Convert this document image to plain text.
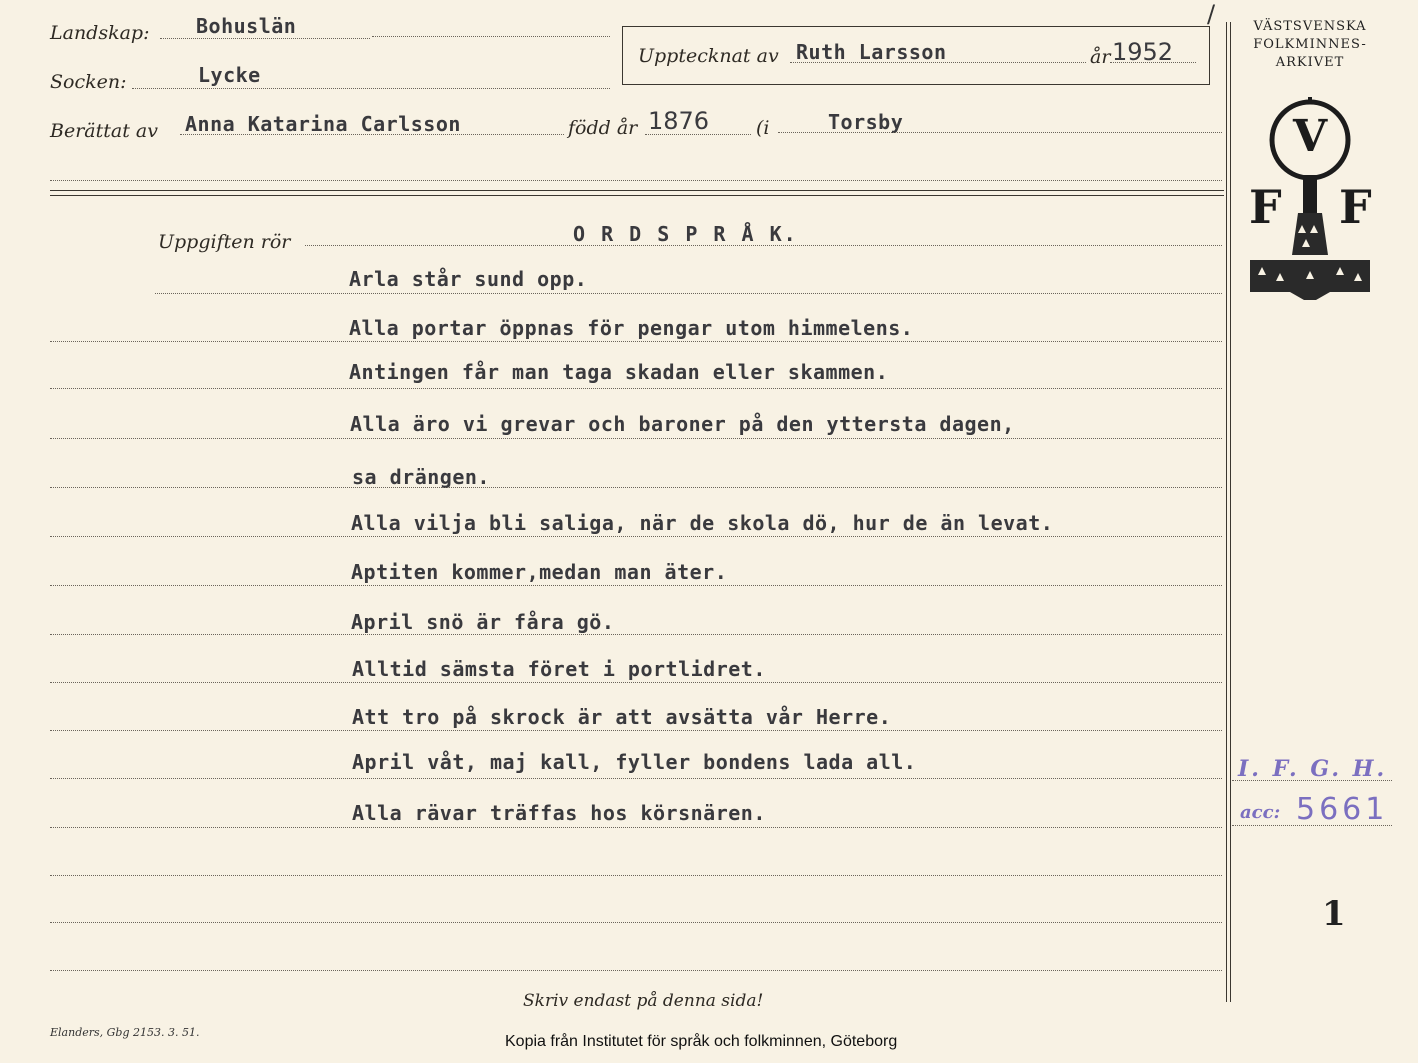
Landskap: Bohuslän
Socken:	Lycke
Uppteckn​at av Ruth Larsson	år 1952
/
Berättat av Anna Katarina Carlsson	född år 1876 (i	Torsby
VÄSTSVENSKA
FOLKMINNES-
ARKIVET
V
F F
Uppgiften rör	O R D S P R Å K.
Arla står sund opp.
Alla portar öppnas för pengar utom himmelens.
Antingen får man taga skadan eller skammen.
Alla äro vi grevar och baroner på den yttersta dagen,
sa drängen.
Alla vilja bli saliga, när de skola dö, hur de än levat.
Aptiten kommer,medan man äter.
April snö är fåra gö.
Alltid sämsta föret i portlidret.
Att tro på skrock är att avsätta vår Herre.
April våt, maj kall, fyller bondens lada all.
Alla rävar träffas hos körsnären.
I. F. G. H.
acc: 5661
1
Skriv endast på denna sida!
Elanders, Gbg 2153. 3. 51.
Kopia från Institutet för språk och folkminnen, Göteborg
